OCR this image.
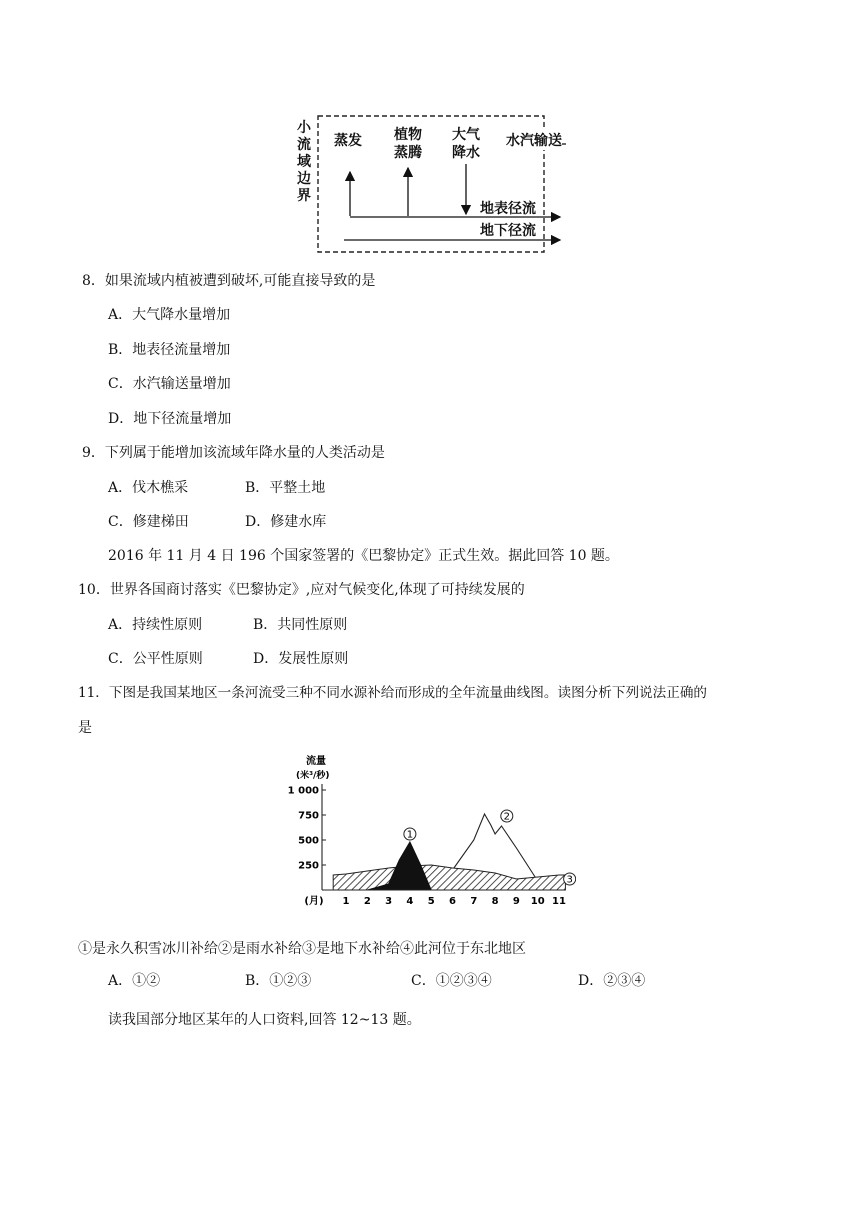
小
流
域
边
界
蒸发 植物
蒸腾
大气
降水
水汽输送
地表径流
地下径流
8．如果流域内植被遭到破坏,可能直接导致的是
A．大气降水量增加
B．地表径流量增加
C．水汽输送量增加
D．地下径流量增加
9．下列属于能增加该流域年降水量的人类活动是
A．伐木樵采	B．平整土地
C．修建梯田	D．修建水库
2016 年 11 月 4 日 196 个国家签署的《巴黎协定》正式生效。据此回答 10 题。
10．世界各国商讨落实《巴黎协定》,应对气候变化,体现了可持续发展的
A．持续性原则	B．共同性原则
C．公平性原则	D．发展性原则
11．下图是我国某地区一条河流受三种不同水源补给而形成的全年流量曲线图。读图分析下列说法正确的
是
流量
(米³/秒)
250
500
750
1 000
(月) 1 2 3 4 5 6 7 8 9 10 11
1
2
3
①是永久积雪冰川补给②是雨水补给③是地下水补给④此河位于东北地区
A．①②	B．①②③	C．①②③④	D．②③④
读我国部分地区某年的人口资料,回答 12~13 题。
